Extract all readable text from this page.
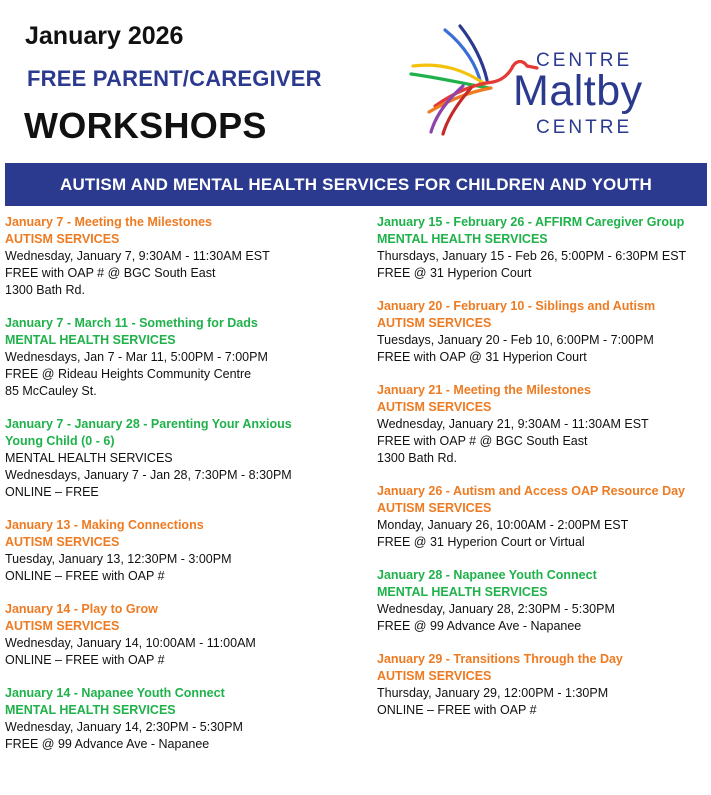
January 2026
FREE PARENT/CAREGIVER
WORKSHOPS
CENTRE
Maltby
CENTRE
AUTISM AND MENTAL HEALTH SERVICES FOR CHILDREN AND YOUTH
January 7 - Meeting the Milestones
AUTISM SERVICES
Wednesday, January 7, 9:30AM - 11:30AM EST
FREE with OAP # @ BGC South East
1300 Bath Rd.
January 7 - March 11 - Something for Dads
MENTAL HEALTH SERVICES
Wednesdays, Jan 7 - Mar 11, 5:00PM - 7:00PM
FREE @ Rideau Heights Community Centre
85 McCauley St.
January 7 - January 28 - Parenting Your Anxious Young Child (0 - 6)
MENTAL HEALTH SERVICES
Wednesdays, January 7 - Jan 28, 7:30PM - 8:30PM
ONLINE – FREE
January 13 - Making Connections
AUTISM SERVICES
Tuesday, January 13, 12:30PM - 3:00PM
ONLINE – FREE with OAP #
January 14 - Play to Grow
AUTISM SERVICES
Wednesday, January 14, 10:00AM - 11:00AM
ONLINE – FREE with OAP #
January 14 - Napanee Youth Connect
MENTAL HEALTH SERVICES
Wednesday, January 14, 2:30PM - 5:30PM
FREE @ 99 Advance Ave - Napanee
January 15 - February 26 - AFFIRM Caregiver Group
MENTAL HEALTH SERVICES
Thursdays, January 15 - Feb 26, 5:00PM - 6:30PM EST
FREE @ 31 Hyperion Court
January 20 - February 10 - Siblings and Autism
AUTISM SERVICES
Tuesdays, January 20 - Feb 10, 6:00PM - 7:00PM
FREE with OAP @ 31 Hyperion Court
January 21 - Meeting the Milestones
AUTISM SERVICES
Wednesday, January 21, 9:30AM - 11:30AM EST
FREE with OAP # @ BGC South East
1300 Bath Rd.
January 26 - Autism and Access OAP Resource Day
AUTISM SERVICES
Monday, January 26, 10:00AM - 2:00PM EST
FREE @ 31 Hyperion Court or Virtual
January 28 - Napanee Youth Connect
MENTAL HEALTH SERVICES
Wednesday, January 28, 2:30PM - 5:30PM
FREE @ 99 Advance Ave - Napanee
January 29 - Transitions Through the Day
AUTISM SERVICES
Thursday, January 29, 12:00PM - 1:30PM
ONLINE – FREE with OAP #
